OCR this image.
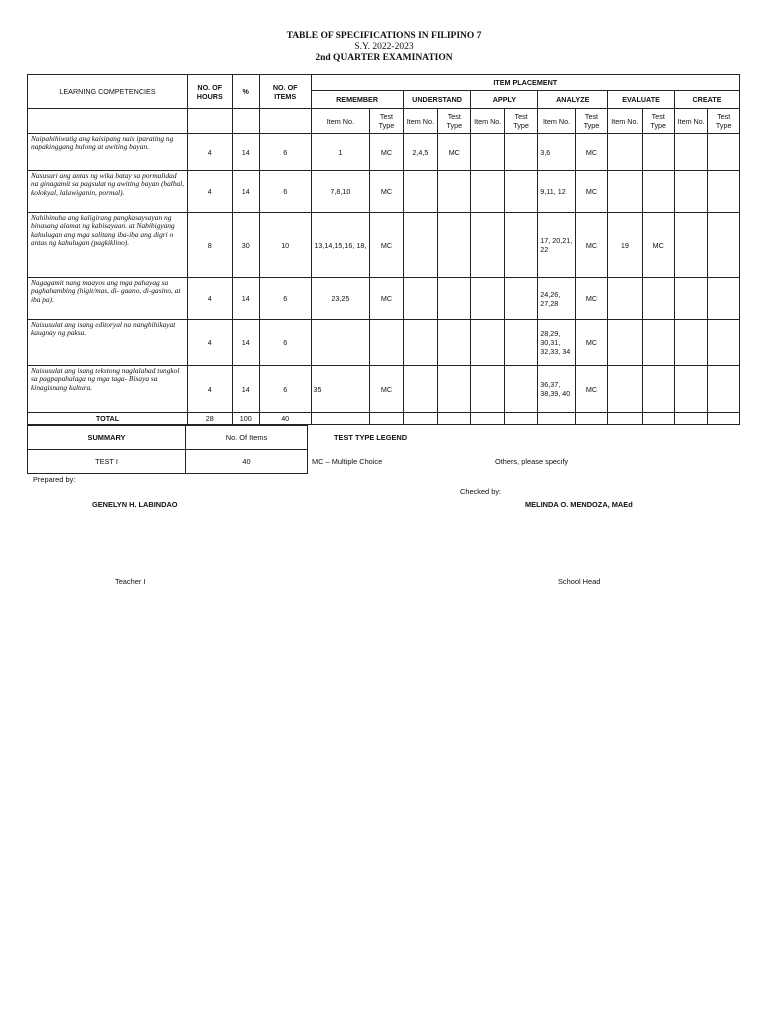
TABLE OF SPECIFICATIONS IN FILIPINO 7
S.Y. 2022-2023
2nd QUARTER EXAMINATION
LEARNING COMPETENCIES	NO. OF HOURS	%	NO. OF ITEMS	ITEM PLACEMENT											
				REMEMBER		UNDERSTAND		APPLY		ANALYZE		EVALUATE		CREATE	
				Item No.	Test Type	Item No.	Test Type	Item No.	Test Type	Item No.	Test Type	Item No.	Test Type	Item No.	Test Type
Naipahihiwatig ang kaisipang nais iparating ng napakinggang bulong at awiting bayan.	4	14	6	1	MC	2,4,5	MC			3,6	MC				
Nasusuri ang antas ng wika batay sa pormalidad na ginagamit sa pagsulat ng awiting bayan (balbal, kolokyal, lalawiganin, pormal).	4	14	6	7,8,10	MC					9,11, 12	MC				
Nahihinuha ang kaligirang pangkasaysayan ng binasang alamat ng kabisayaan. at Nabibigyang kahulugan ang mga salitang iba-iba ang digri o antas ng kahulugan (pagkiklino).	8	30	10	13,14,15,16, 18,	MC					17, 20,21, 22	MC	19	MC		
Nagagamit nang maayos ang mga pahayag sa paghahambing (higit/mas, di- gaano, di-gasino, at iba pa).	4	14	6	23,25	MC					24,26, 27,28	MC				
Naisusulat ang isang editoryal na nanghihikayat kaugnay ng paksa.	4	14	6							28,29, 30,31, 32,33, 34	MC				
Naisusulat ang isang tekstong naglalahad tungkol sa pagpapahalaga ng mga taga- Bisaya sa kinagisnang kultura.	4	14	6	35	MC					36,37, 38,39, 40	MC				
TOTAL	28	100	40												
SUMMARY	No. Of Items
TEST I	40
TEST TYPE LEGEND
MC – Multiple Choice	Others, please specify
Prepared by:
GENELYN H. LABINDAO
Teacher I
Checked by:
MELINDA O. MENDOZA, MAEd
School Head
